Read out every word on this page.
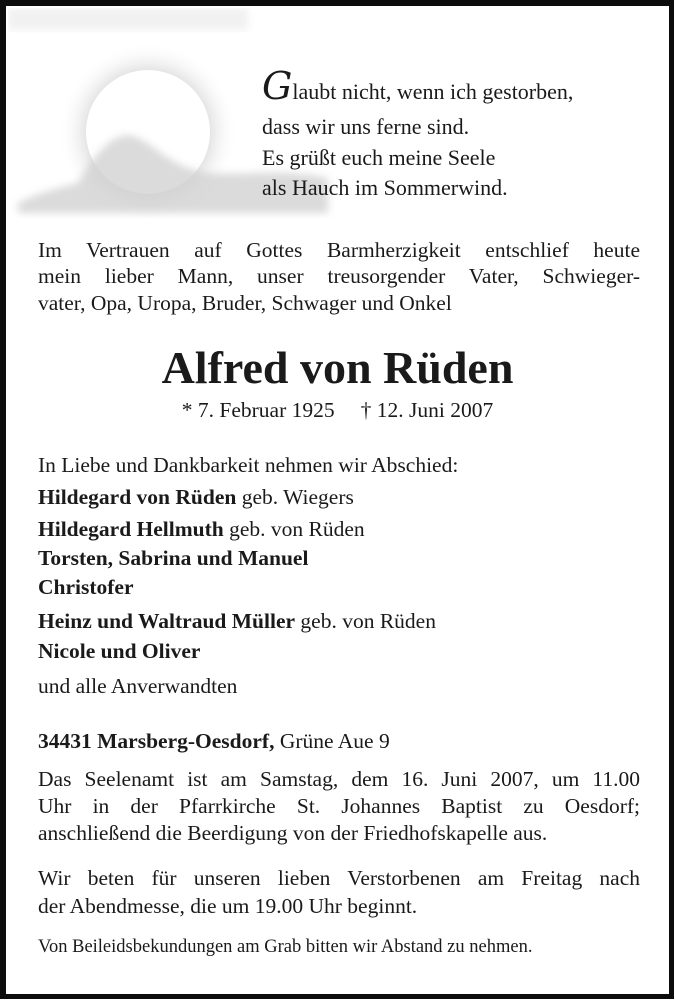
Glaubt nicht, wenn ich gestorben,
dass wir uns ferne sind.
Es grüßt euch meine Seele
als Hauch im Sommerwind.
Im Vertrauen auf Gottes Barmherzigkeit entschlief heute
mein lieber Mann, unser treusorgender Vater, Schwieger-
vater, Opa, Uropa, Bruder, Schwager und Onkel
Alfred von Rüden
* 7. Februar 1925 † 12. Juni 2007
In Liebe und Dankbarkeit nehmen wir Abschied:
Hildegard von Rüden geb. Wiegers
Hildegard Hellmuth geb. von Rüden
Torsten, Sabrina und Manuel
Christofer
Heinz und Waltraud Müller geb. von Rüden
Nicole und Oliver
und alle Anverwandten
34431 Marsberg-Oesdorf, Grüne Aue 9
Das Seelenamt ist am Samstag, dem 16. Juni 2007, um 11.00
Uhr in der Pfarrkirche St. Johannes Baptist zu Oesdorf;
anschließend die Beerdigung von der Friedhofskapelle aus.
Wir beten für unseren lieben Verstorbenen am Freitag nach
der Abendmesse, die um 19.00 Uhr beginnt.
Von Beileidsbekundungen am Grab bitten wir Abstand zu nehmen.
